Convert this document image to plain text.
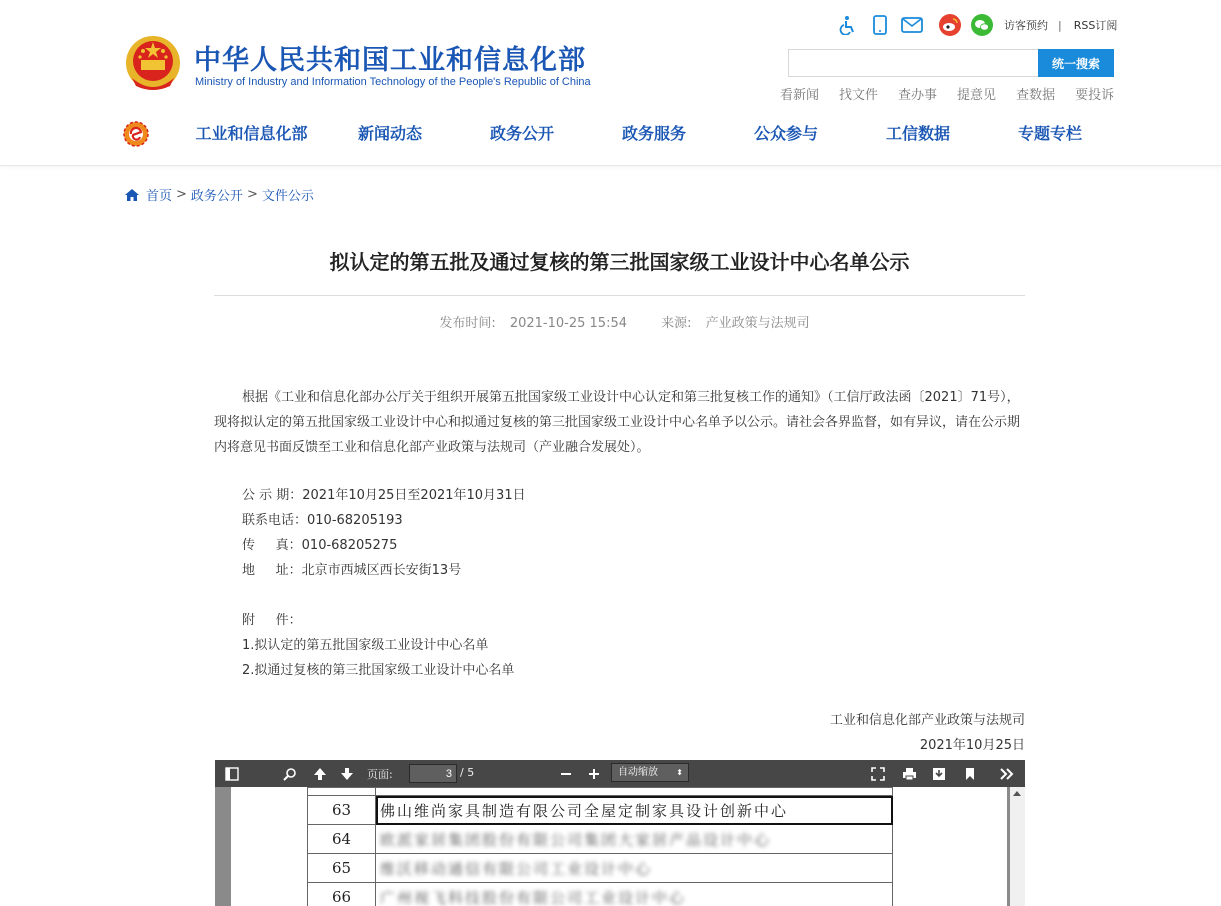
中华人民共和国工业和信息化部
Ministry of Industry and Information Technology of the People's Republic of China
访客预约 | RSS订阅
统一搜索
看新闻 找文件 查办事 提意见 查数据 要投诉
工业和信息化部	新闻动态	政务公开	政务服务	公众参与	工信数据	专题专栏
首页 > 政务公开 > 文件公示
拟认定的第五批及通过复核的第三批国家级工业设计中心名单公示
发布时间: 2021-10-25 15:54	来源: 产业政策与法规司
根据《工业和信息化部办公厅关于组织开展第五批国家级工业设计中心认定和第三批复核工作的通知》（工信厅政法函〔2021〕71号），现将拟认定的第五批国家级工业设计中心和拟通过复核的第三批国家级工业设计中心名单予以公示。请社会各界监督，如有异议，请在公示期内将意见书面反馈至工业和信息化部产业政策与法规司（产业融合发展处）。
公 示 期：2021年10月25日至2021年10月31日
联系电话：010-68205193
传     真：010-68205275
地     址：北京市西城区西长安街13号
附     件：
1.拟认定的第五批国家级工业设计中心名单
2.拟通过复核的第三批国家级工业设计中心名单
工业和信息化部产业政策与法规司
2021年10月25日
页面:
3	/ 5	自动缩放 ⬍

63	佛山维尚家具制造有限公司全屋定制家具设计创新中心
64	欧派家居集团股份有限公司集团大家居产品设计中心
65	维沃移动通信有限公司工业设计中心
66	广州视飞科技股份有限公司工业设计中心
